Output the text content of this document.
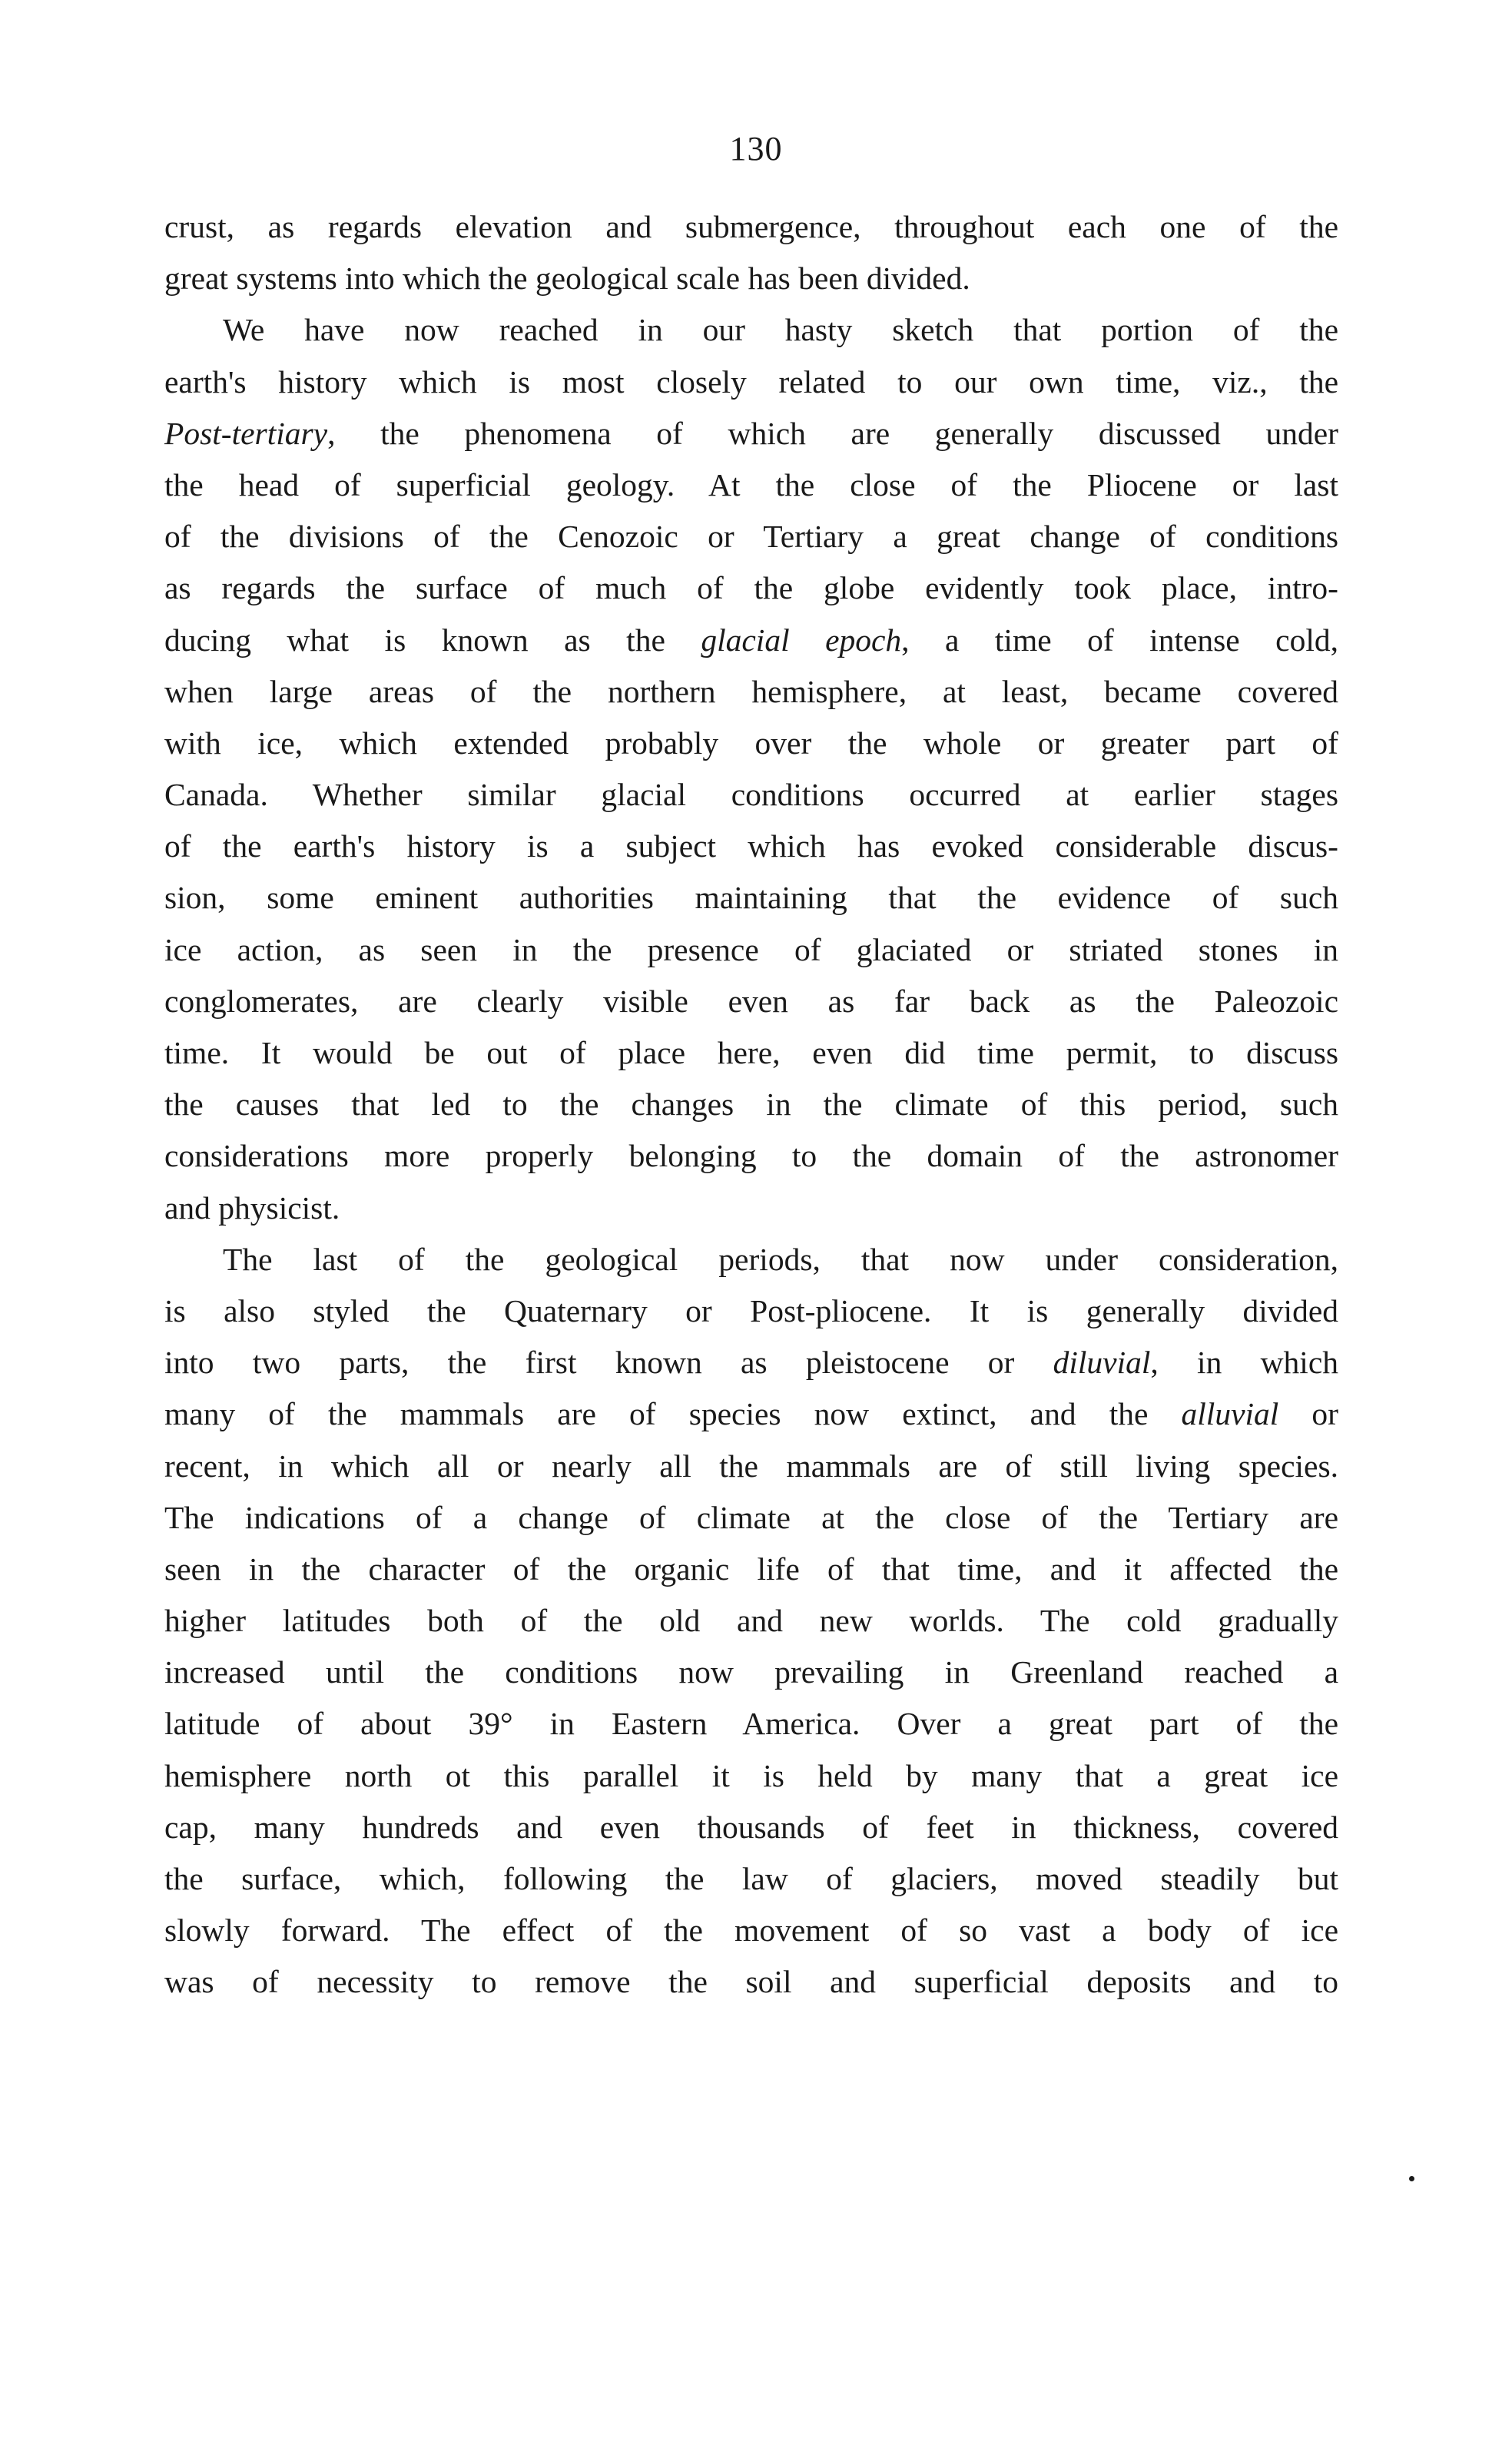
130
crust, as regards elevation and submergence, throughout each one of the
great systems into which the geological scale has been divided.
We have now reached in our hasty sketch that portion of the
earth's history which is most closely related to our own time, viz., the
Post-tertiary, the phenomena of which are generally discussed under
the head of superficial geology. At the close of the Pliocene or last
of the divisions of the Cenozoic or Tertiary a great change of conditions
as regards the surface of much of the globe evidently took place, intro-
ducing what is known as the glacial epoch, a time of intense cold,
when large areas of the northern hemisphere, at least, became covered
with ice, which extended probably over the whole or greater part of
Canada. Whether similar glacial conditions occurred at earlier stages
of the earth's history is a subject which has evoked considerable discus-
sion, some eminent authorities maintaining that the evidence of such
ice action, as seen in the presence of glaciated or striated stones in
conglomerates, are clearly visible even as far back as the Paleozoic
time. It would be out of place here, even did time permit, to discuss
the causes that led to the changes in the climate of this period, such
considerations more properly belonging to the domain of the astronomer
and physicist.
The last of the geological periods, that now under consideration,
is also styled the Quaternary or Post-pliocene. It is generally divided
into two parts, the first known as pleistocene or diluvial, in which
many of the mammals are of species now extinct, and the alluvial or
recent, in which all or nearly all the mammals are of still living species.
The indications of a change of climate at the close of the Tertiary are
seen in the character of the organic life of that time, and it affected the
higher latitudes both of the old and new worlds. The cold gradually
increased until the conditions now prevailing in Greenland reached a
latitude of about 39° in Eastern America. Over a great part of the
hemisphere north ot this parallel it is held by many that a great ice
cap, many hundreds and even thousands of feet in thickness, covered
the surface, which, following the law of glaciers, moved steadily but
slowly forward. The effect of the movement of so vast a body of ice
was of necessity to remove the soil and superficial deposits and to
